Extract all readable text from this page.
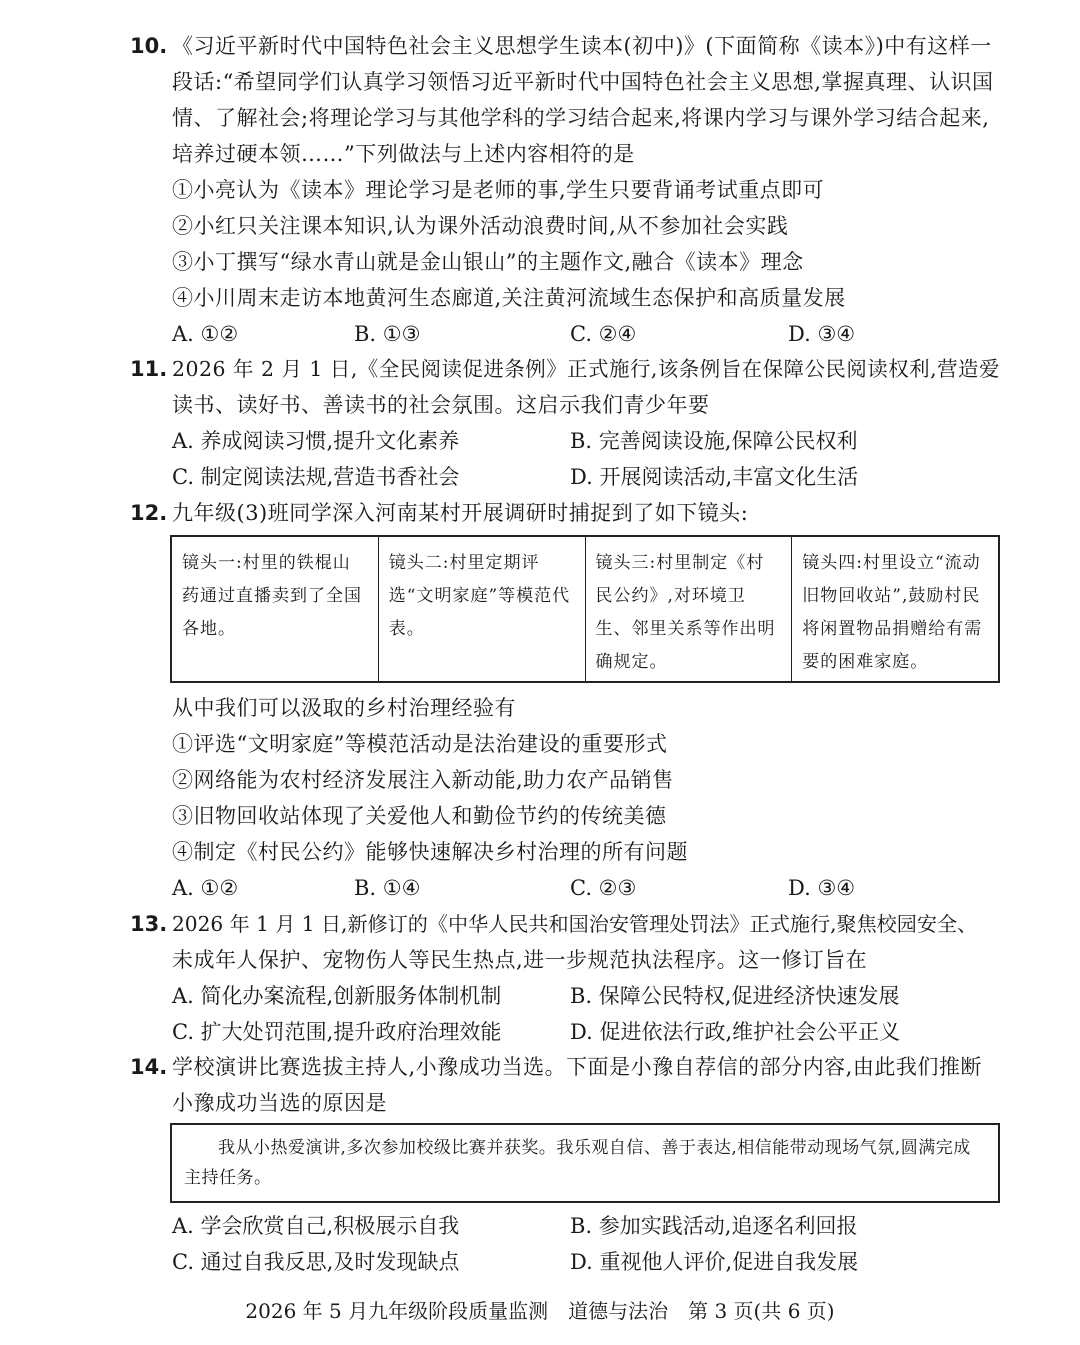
10. 《习近平新时代中国特色社会主义思想学生读本(初中)》(下面简称《读本》)中有这样一
段话:“希望同学们认真学习领悟习近平新时代中国特色社会主义思想,掌握真理、认识国
情、了解社会;将理论学习与其他学科的学习结合起来,将课内学习与课外学习结合起来,
培养过硬本领……”下列做法与上述内容相符的是
①小亮认为《读本》理论学习是老师的事,学生只要背诵考试重点即可
②小红只关注课本知识,认为课外活动浪费时间,从不参加社会实践
③小丁撰写“绿水青山就是金山银山”的主题作文,融合《读本》理念
④小川周末走访本地黄河生态廊道,关注黄河流域生态保护和高质量发展
A. ①②	B. ①③	C. ②④	D. ③④
11. 2026 年 2 月 1 日,《全民阅读促进条例》正式施行,该条例旨在保障公民阅读权利,营造爱
读书、读好书、善读书的社会氛围。这启示我们青少年要
A. 养成阅读习惯,提升文化素养	B. 完善阅读设施,保障公民权利
C. 制定阅读法规,营造书香社会	D. 开展阅读活动,丰富文化生活
12. 九年级(3)班同学深入河南某村开展调研时捕捉到了如下镜头:
镜头一:村里的铁棍山药通过直播卖到了全国各地。
镜头二:村里定期评选“文明家庭”等模范代表。
镜头三:村里制定《村民公约》,对环境卫生、邻里关系等作出明确规定。
镜头四:村里设立“流动旧物回收站”,鼓励村民将闲置物品捐赠给有需要的困难家庭。
从中我们可以汲取的乡村治理经验有
①评选“文明家庭”等模范活动是法治建设的重要形式
②网络能为农村经济发展注入新动能,助力农产品销售
③旧物回收站体现了关爱他人和勤俭节约的传统美德
④制定《村民公约》能够快速解决乡村治理的所有问题
A. ①②	B. ①④	C. ②③	D. ③④
13. 2026 年 1 月 1 日,新修订的《中华人民共和国治安管理处罚法》正式施行,聚焦校园安全、
未成年人保护、宠物伤人等民生热点,进一步规范执法程序。这一修订旨在
A. 简化办案流程,创新服务体制机制	B. 保障公民特权,促进经济快速发展
C. 扩大处罚范围,提升政府治理效能	D. 促进依法行政,维护社会公平正义
14. 学校演讲比赛选拔主持人,小豫成功当选。下面是小豫自荐信的部分内容,由此我们推断
小豫成功当选的原因是
我从小热爱演讲,多次参加校级比赛并获奖。我乐观自信、善于表达,相信能带动现场气氛,圆满完成主持任务。
A. 学会欣赏自己,积极展示自我	B. 参加实践活动,追逐名利回报
C. 通过自我反思,及时发现缺点	D. 重视他人评价,促进自我发展
2026 年 5 月九年级阶段质量监测　道德与法治　第 3 页(共 6 页)
